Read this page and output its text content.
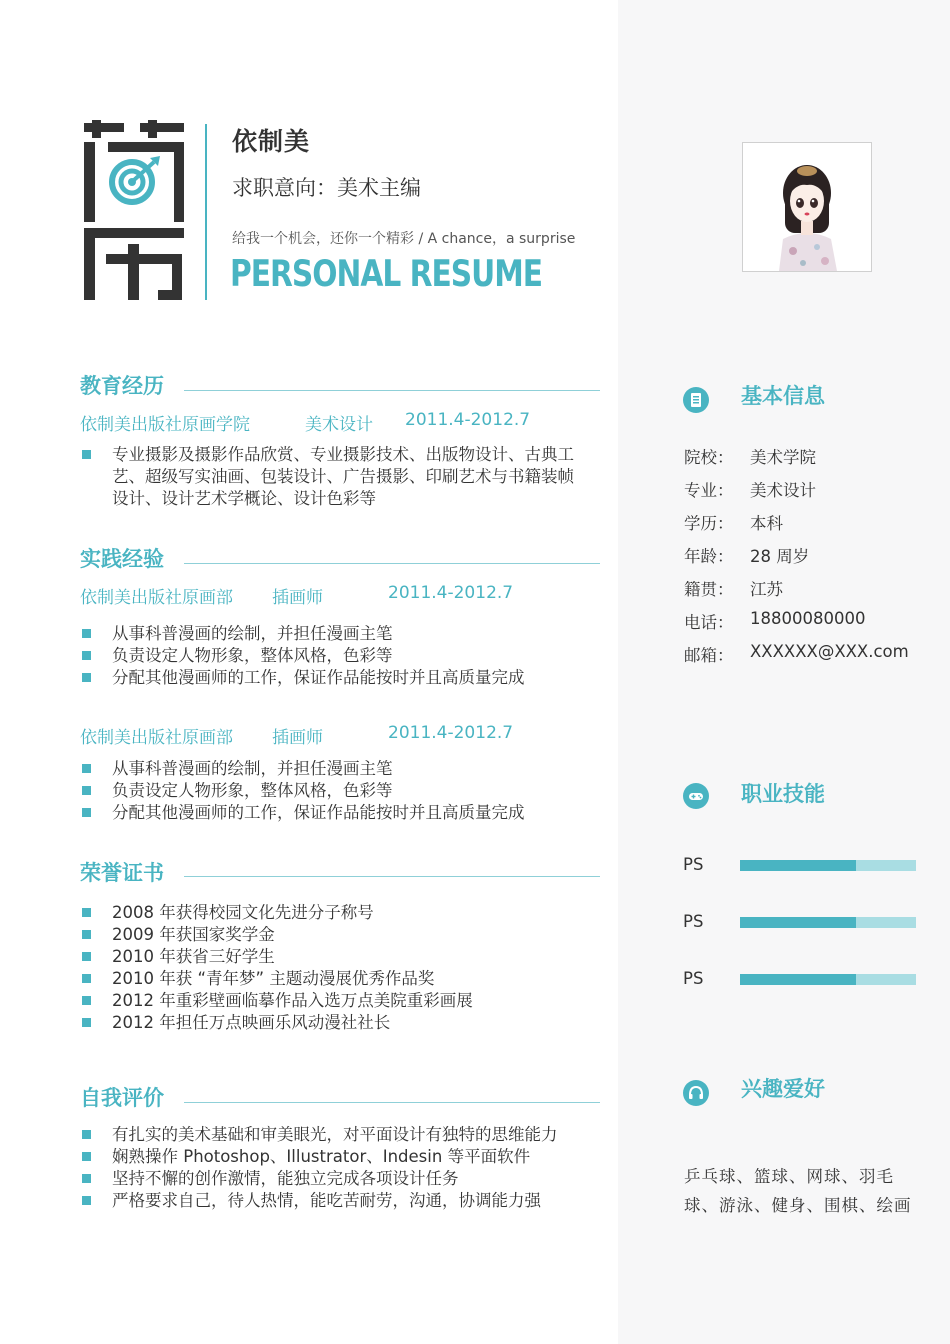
依制美
求职意向：美术主编
给我一个机会，还你一个精彩 / A chance，a surprise
PERSONAL RESUME
教育经历
依制美出版社原画学院	美术设计 2011.4-2012.7
专业摄影及摄影作品欣赏、专业摄影技术、出版物设计、古典工艺、超级写实油画、包装设计、广告摄影、印刷艺术与书籍装帧设计、设计艺术学概论、设计色彩等
实践经验
依制美出版社原画部 插画师	2011.4-2012.7
从事科普漫画的绘制，并担任漫画主笔
负责设定人物形象，整体风格，色彩等
分配其他漫画师的工作，保证作品能按时并且高质量完成
依制美出版社原画部 插画师	2011.4-2012.7
从事科普漫画的绘制，并担任漫画主笔
负责设定人物形象，整体风格，色彩等
分配其他漫画师的工作，保证作品能按时并且高质量完成
荣誉证书
2008 年获得校园文化先进分子称号
2009 年获国家奖学金
2010 年获省三好学生
2010 年获 “青年梦” 主题动漫展优秀作品奖
2012 年重彩壁画临摹作品入选万点美院重彩画展
2012 年担任万点映画乐风动漫社社长
自我评价
有扎实的美术基础和审美眼光，对平面设计有独特的思维能力
娴熟操作 Photoshop、Illustrator、Indesin 等平面软件
坚持不懈的创作激情，能独立完成各项设计任务
严格要求自己，待人热情，能吃苦耐劳，沟通，协调能力强
基本信息
院校： 美术学院
专业： 美术设计
学历： 本科
年龄： 28 周岁
籍贯： 江苏
电话： 18800080000
邮箱： XXXXXX@XXX.com
职业技能
PS
PS
PS
兴趣爱好
乒乓球、篮球、网球、羽毛球、游泳、健身、围棋、绘画
